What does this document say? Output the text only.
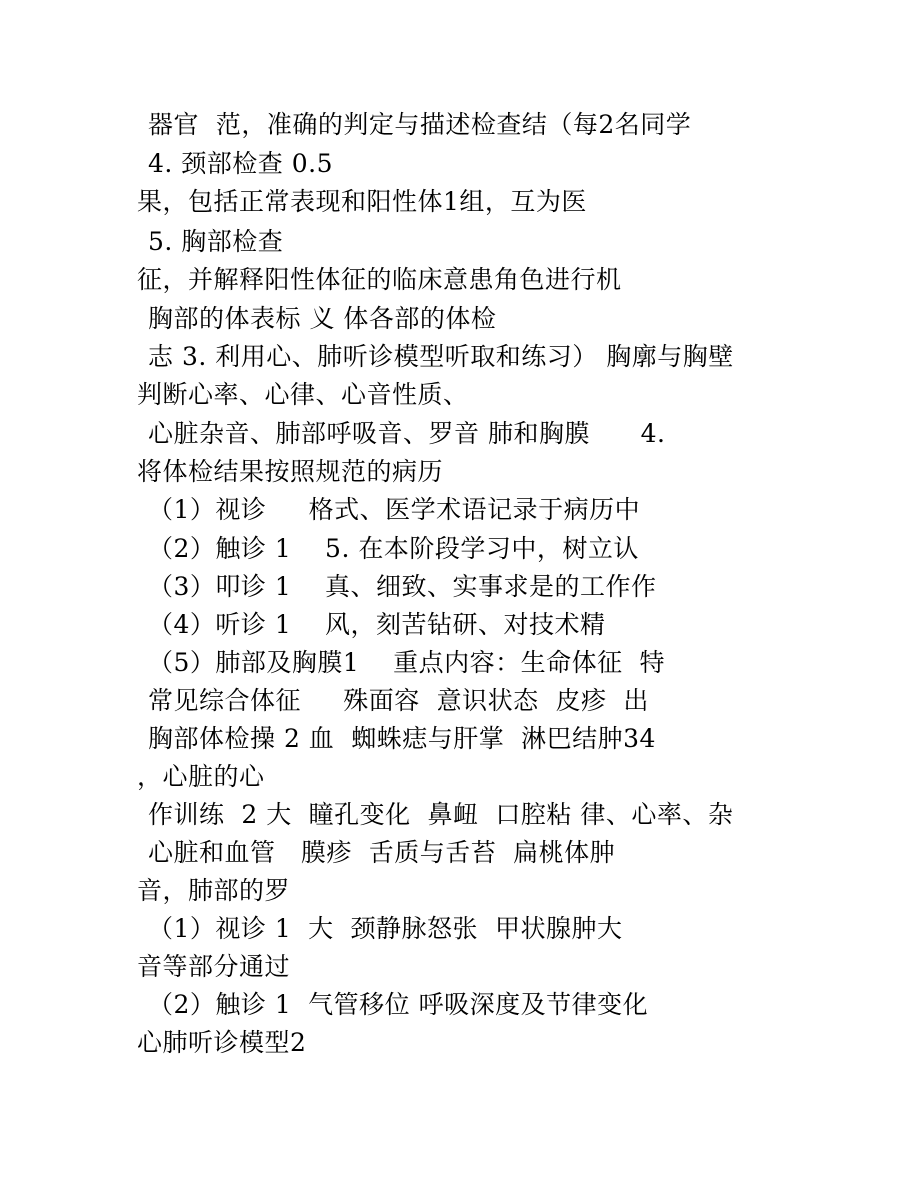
器官  范，准确的判定与描述检查结（每2名同学
4. 颈部检查 0.5
果，包括正常表现和阳性体1组，互为医
5. 胸部检查
征，并解释阳性体征的临床意患角色进行机
胸部的体表标 义 体各部的体检
志 3. 利用心、肺听诊模型听取和练习） 胸廓与胸壁
判断心率、心律、心音性质、
心脏杂音、肺部呼吸音、罗音 肺和胸膜      4.
将体检结果按照规范的病历
（1）视诊     格式、医学术语记录于病历中
（2）触诊 1    5. 在本阶段学习中，树立认
（3）叩诊 1    真、细致、实事求是的工作作
（4）听诊 1    风，刻苦钻研、对技术精
（5）肺部及胸膜1    重点内容：生命体征  特
常见综合体征     殊面容  意识状态  皮疹  出
胸部体检操 2 血  蜘蛛痣与肝掌  淋巴结肿34
，心脏的心
作训练  2 大  瞳孔变化  鼻衄  口腔粘 律、心率、杂
心脏和血管   膜疹  舌质与舌苔  扁桃体肿
音，肺部的罗
（1）视诊 1  大  颈静脉怒张  甲状腺肿大
音等部分通过
（2）触诊 1  气管移位 呼吸深度及节律变化
心肺听诊模型2
